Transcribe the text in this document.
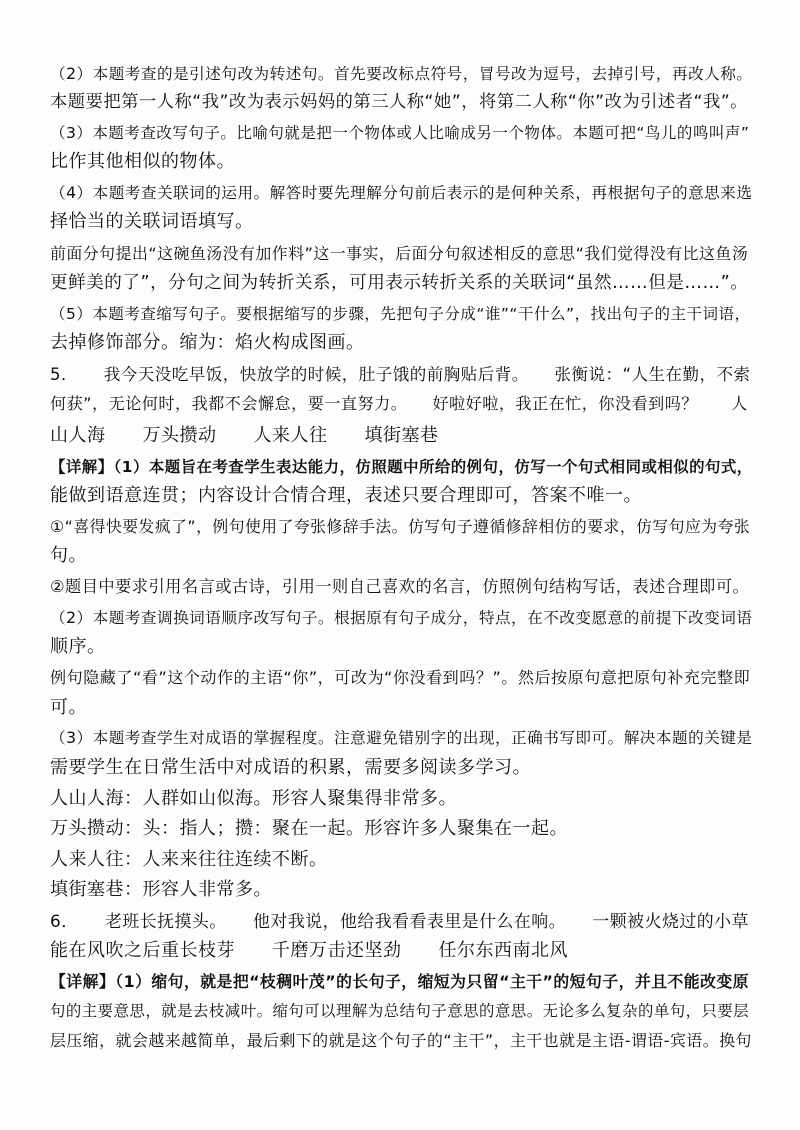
（2）本题考查的是引述句改为转述句。首先要改标点符号，冒号改为逗号，去掉引号，再改人称。
本题要把第一人称“我”改为表示妈妈的第三人称“她”，将第二人称“你”改为引述者“我”。
（3）本题考查改写句子。比喻句就是把一个物体或人比喻成另一个物体。本题可把“鸟儿的鸣叫声”
比作其他相似的物体。
（4）本题考查关联词的运用。解答时要先理解分句前后表示的是何种关系，再根据句子的意思来选
择恰当的关联词语填写。
前面分句提出“这碗鱼汤没有加作料”这一事实，后面分句叙述相反的意思“我们觉得没有比这鱼汤
更鲜美的了”，分句之间为转折关系，可用表示转折关系的关联词“虽然……但是……”。
（5）本题考查缩写句子。要根据缩写的步骤，先把句子分成“谁”“干什么”，找出句子的主干词语，
去掉修饰部分。缩为：焰火构成图画。
5．　　我今天没吃早饭，快放学的时候，肚子饿的前胸贴后背。　　张衡说：“人生在勤，不索
何获”，无论何时，我都不会懈怠，要一直努力。　　好啦好啦，我正在忙，你没看到吗？　　人
山人海　　万头攒动　　人来人往　　填街塞巷
【详解】（1）本题旨在考查学生表达能力，仿照题中所给的例句，仿写一个句式相同或相似的句式，
能做到语意连贯；内容设计合情合理，表述只要合理即可，答案不唯一。
①“喜得快要发疯了”，例句使用了夸张修辞手法。仿写句子遵循修辞相仿的要求，仿写句应为夸张
句。
②题目中要求引用名言或古诗，引用一则自己喜欢的名言，仿照例句结构写话，表述合理即可。
（2）本题考查调换词语顺序改写句子。根据原有句子成分，特点，在不改变愿意的前提下改变词语
顺序。
例句隐藏了“看”这个动作的主语“你”，可改为“你没看到吗？”。然后按原句意把原句补充完整即
可。
（3）本题考查学生对成语的掌握程度。注意避免错别字的出现，正确书写即可。解决本题的关键是
需要学生在日常生活中对成语的积累，需要多阅读多学习。
人山人海：人群如山似海。形容人聚集得非常多。
万头攒动：头：指人；攒：聚在一起。形容许多人聚集在一起。
人来人往：人来来往往连续不断。
填街塞巷：形容人非常多。
6．　　老班长抚摸头。　　他对我说，他给我看看表里是什么在响。　　一颗被火烧过的小草
能在风吹之后重长枝芽　　千磨万击还坚劲　　任尔东西南北风
【详解】（1）缩句，就是把“枝稠叶茂”的长句子，缩短为只留“主干”的短句子，并且不能改变原
句的主要意思，就是去枝减叶。缩句可以理解为总结句子意思的意思。无论多么复杂的单句，只要层
层压缩，就会越来越简单，最后剩下的就是这个句子的“主干”，主干也就是主语-谓语-宾语。换句
